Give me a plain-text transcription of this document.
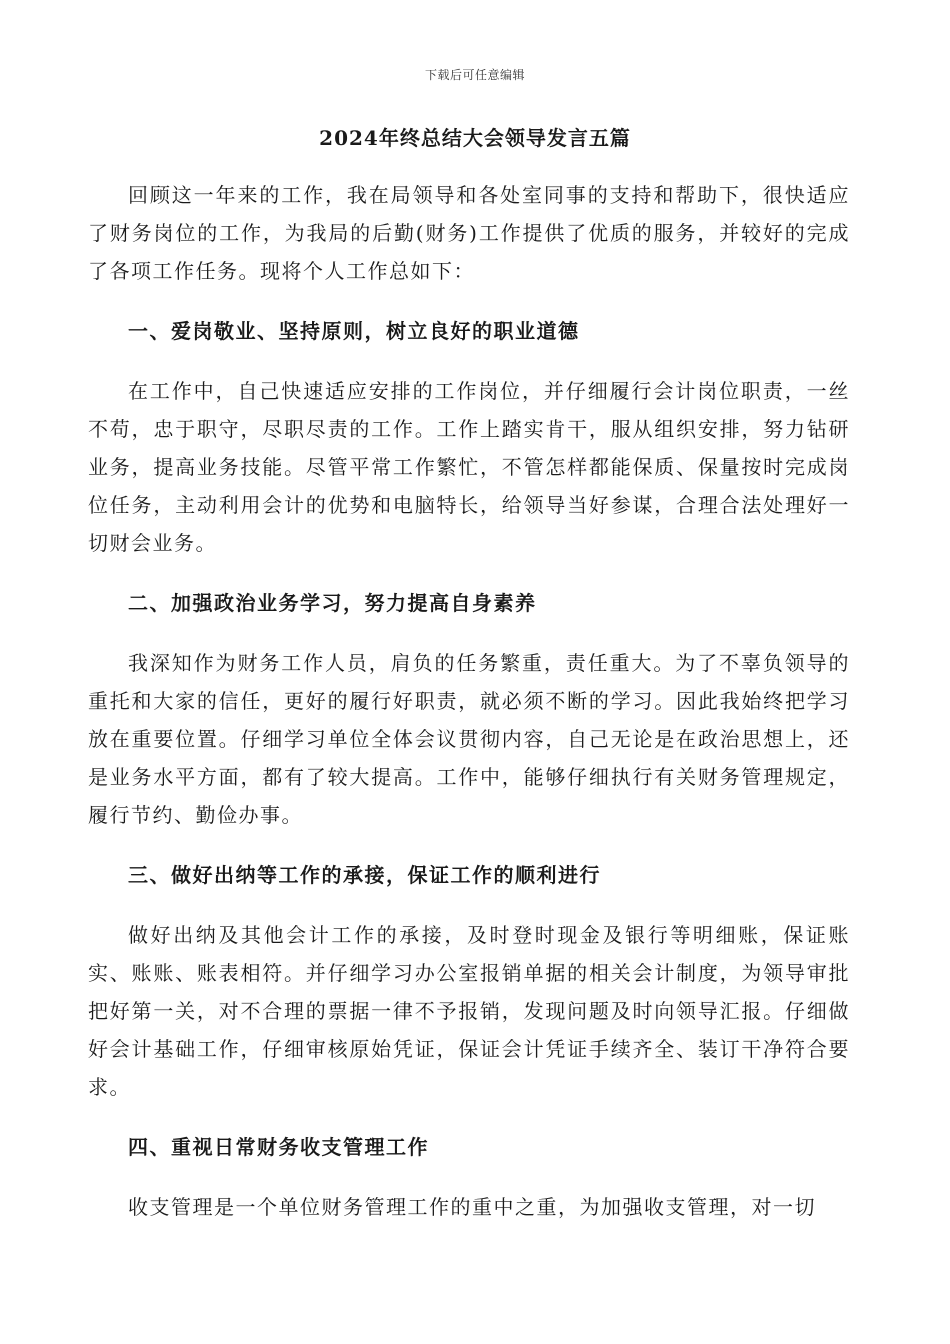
下载后可任意编辑
2024年终总结大会领导发言五篇

回顾这一年来的工作，我在局领导和各处室同事的支持和帮助下，很快适应了财务岗位的工作，为我局的后勤(财务)工作提供了优质的服务，并较好的完成了各项工作任务。现将个人工作总如下：

一、爱岗敬业、坚持原则，树立良好的职业道德

在工作中，自己快速适应安排的工作岗位，并仔细履行会计岗位职责，一丝不苟，忠于职守，尽职尽责的工作。工作上踏实肯干，服从组织安排，努力钻研业务，提高业务技能。尽管平常工作繁忙，不管怎样都能保质、保量按时完成岗位任务，主动利用会计的优势和电脑特长，给领导当好参谋，合理合法处理好一切财会业务。

二、加强政治业务学习，努力提高自身素养

我深知作为财务工作人员，肩负的任务繁重，责任重大。为了不辜负领导的重托和大家的信任，更好的履行好职责，就必须不断的学习。因此我始终把学习放在重要位置。仔细学习单位全体会议贯彻内容，自己无论是在政治思想上，还是业务水平方面，都有了较大提高。工作中，能够仔细执行有关财务管理规定，履行节约、勤俭办事。

三、做好出纳等工作的承接，保证工作的顺利进行

做好出纳及其他会计工作的承接，及时登时现金及银行等明细账，保证账实、账账、账表相符。并仔细学习办公室报销单据的相关会计制度，为领导审批把好第一关，对不合理的票据一律不予报销，发现问题及时向领导汇报。仔细做好会计基础工作，仔细审核原始凭证，保证会计凭证手续齐全、装订干净符合要求。

四、重视日常财务收支管理工作

收支管理是一个单位财务管理工作的重中之重，为加强收支管理，对一切
